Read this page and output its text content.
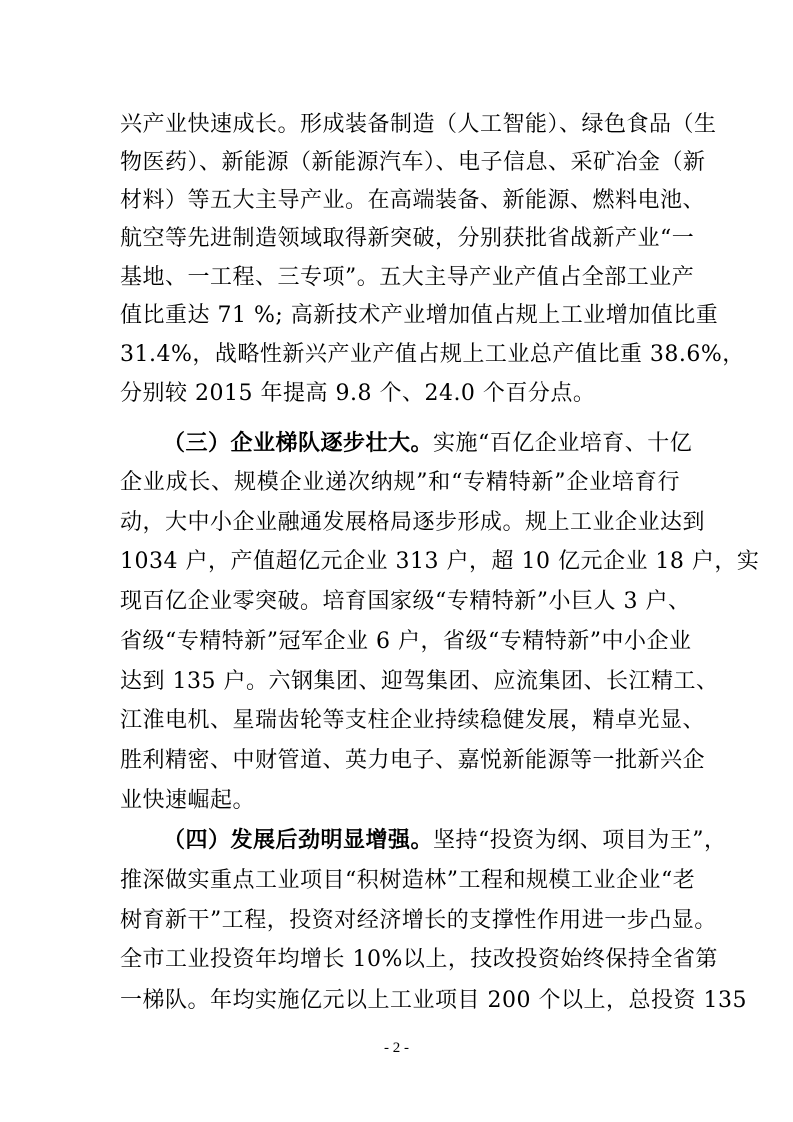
兴产业快速成长。形成装备制造（人工智能）、绿色食品（生
物医药）、新能源（新能源汽车）、电子信息、采矿冶金（新
材料）等五大主导产业。在高端装备、新能源、燃料电池、
航空等先进制造领域取得新突破，分别获批省战新产业“一
基地、一工程、三专项”。五大主导产业产值占全部工业产
值比重达 71 %; 高新技术产业增加值占规上工业增加值比重
31.4%，战略性新兴产业产值占规上工业总产值比重 38.6%，
分别较 2015 年提高 9.8 个、24.0 个百分点。
（三）企业梯队逐步壮大。实施“百亿企业培育、十亿
企业成长、规模企业递次纳规”和“专精特新”企业培育行
动，大中小企业融通发展格局逐步形成。规上工业企业达到
1034 户，产值超亿元企业 313 户，超 10 亿元企业 18 户，实
现百亿企业零突破。培育国家级“专精特新”小巨人 3 户、
省级“专精特新”冠军企业 6 户，省级“专精特新”中小企业
达到 135 户。六钢集团、迎驾集团、应流集团、长江精工、
江淮电机、星瑞齿轮等支柱企业持续稳健发展，精卓光显、
胜利精密、中财管道、英力电子、嘉悦新能源等一批新兴企
业快速崛起。
（四）发展后劲明显增强。坚持“投资为纲、项目为王”，
推深做实重点工业项目“积树造林”工程和规模工业企业“老
树育新干”工程，投资对经济增长的支撑性作用进一步凸显。
全市工业投资年均增长 10%以上，技改投资始终保持全省第
一梯队。年均实施亿元以上工业项目 200 个以上，总投资 135
- 2 -
